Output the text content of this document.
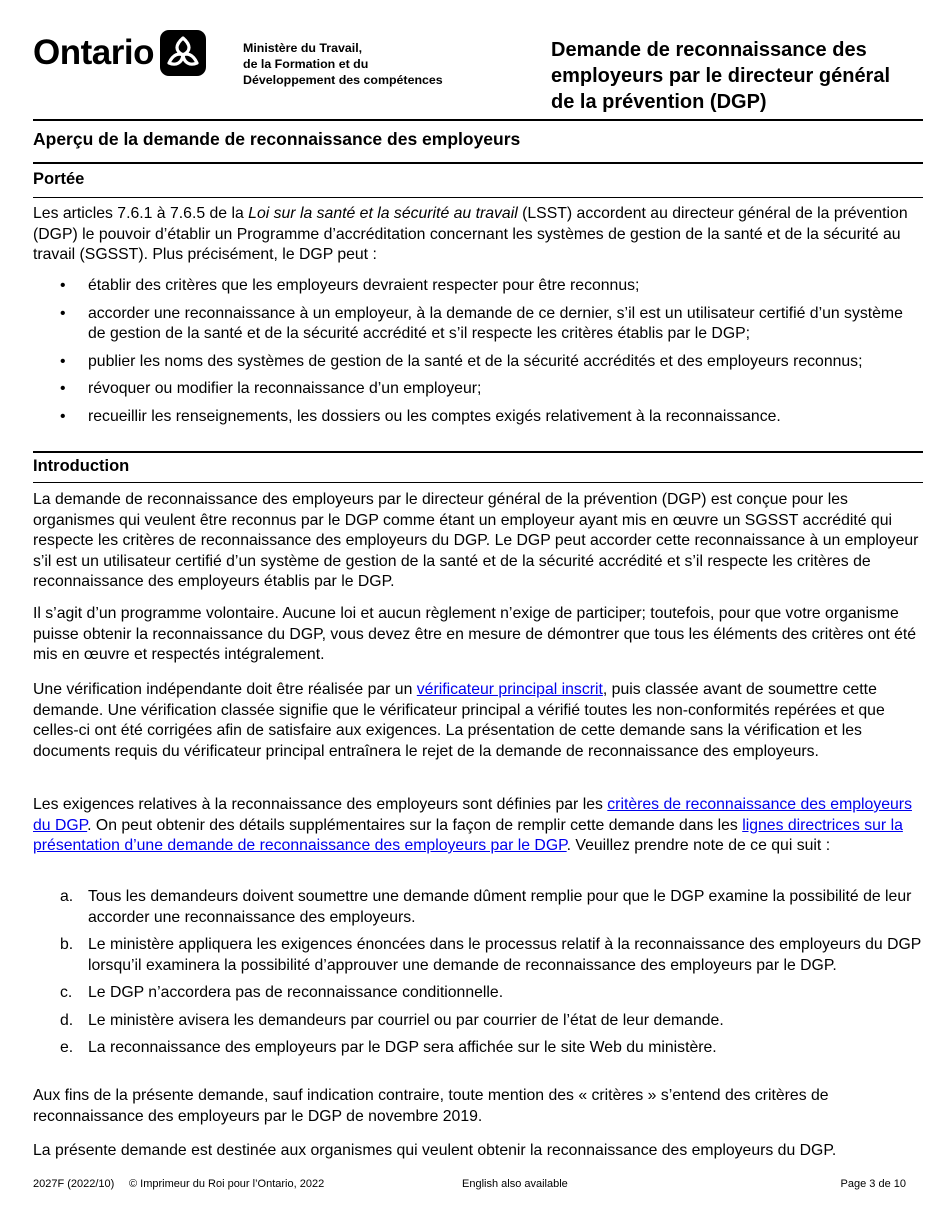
Ontario	Ministère du Travail,
de la Formation et du
Développement des compétences
Demande de reconnaissance des
employeurs par le directeur général
de la prévention (DGP)
Aperçu de la demande de reconnaissance des employeurs
Portée

Les articles 7.6.1 à 7.6.5 de la Loi sur la santé et la sécurité au travail (LSST) accordent au directeur général de la prévention (DGP) le pouvoir d’établir un Programme d’accréditation concernant les systèmes de gestion de la santé et de la sécurité au travail (SGSST). Plus précisément, le DGP peut :

• établir des critères que les employeurs devraient respecter pour être reconnus;
• accorder une reconnaissance à un employeur, à la demande de ce dernier, s’il est un utilisateur certifié d’un système de gestion de la santé et de la sécurité accrédité et s’il respecte les critères établis par le DGP;
• publier les noms des systèmes de gestion de la santé et de la sécurité accrédités et des employeurs reconnus;
• révoquer ou modifier la reconnaissance d’un employeur;
• recueillir les renseignements, les dossiers ou les comptes exigés relativement à la reconnaissance.
Introduction

La demande de reconnaissance des employeurs par le directeur général de la prévention (DGP) est conçue pour les organismes qui veulent être reconnus par le DGP comme étant un employeur ayant mis en œuvre un SGSST accrédité qui respecte les critères de reconnaissance des employeurs du DGP. Le DGP peut accorder cette reconnaissance à un employeur s’il est un utilisateur certifié d’un système de gestion de la santé et de la sécurité accrédité et s’il respecte les critères de reconnaissance des employeurs établis par le DGP.

Il s’agit d’un programme volontaire. Aucune loi et aucun règlement n’exige de participer; toutefois, pour que votre organisme puisse obtenir la reconnaissance du DGP, vous devez être en mesure de démontrer que tous les éléments des critères ont été mis en œuvre et respectés intégralement.

Une vérification indépendante doit être réalisée par un vérificateur principal inscrit, puis classée avant de soumettre cette demande. Une vérification classée signifie que le vérificateur principal a vérifié toutes les non-conformités repérées et que celles-ci ont été corrigées afin de satisfaire aux exigences. La présentation de cette demande sans la vérification et les documents requis du vérificateur principal entraînera le rejet de la demande de reconnaissance des employeurs.

Les exigences relatives à la reconnaissance des employeurs sont définies par les critères de reconnaissance des employeurs du DGP. On peut obtenir des détails supplémentaires sur la façon de remplir cette demande dans les lignes directrices sur la présentation d’une demande de reconnaissance des employeurs par le DGP. Veuillez prendre note de ce qui suit :

a. Tous les demandeurs doivent soumettre une demande dûment remplie pour que le DGP examine la possibilité de leur accorder une reconnaissance des employeurs.
b. Le ministère appliquera les exigences énoncées dans le processus relatif à la reconnaissance des employeurs du DGP lorsqu’il examinera la possibilité d’approuver une demande de reconnaissance des employeurs par le DGP.
c. Le DGP n’accordera pas de reconnaissance conditionnelle.
d. Le ministère avisera les demandeurs par courriel ou par courrier de l’état de leur demande.
e. La reconnaissance des employeurs par le DGP sera affichée sur le site Web du ministère.

Aux fins de la présente demande, sauf indication contraire, toute mention des « critères » s’entend des critères de reconnaissance des employeurs par le DGP de novembre 2019.

La présente demande est destinée aux organismes qui veulent obtenir la reconnaissance des employeurs du DGP.

2027F (2022/10) © Imprimeur du Roi pour l’Ontario, 2022	English also available	Page 3 de 10
